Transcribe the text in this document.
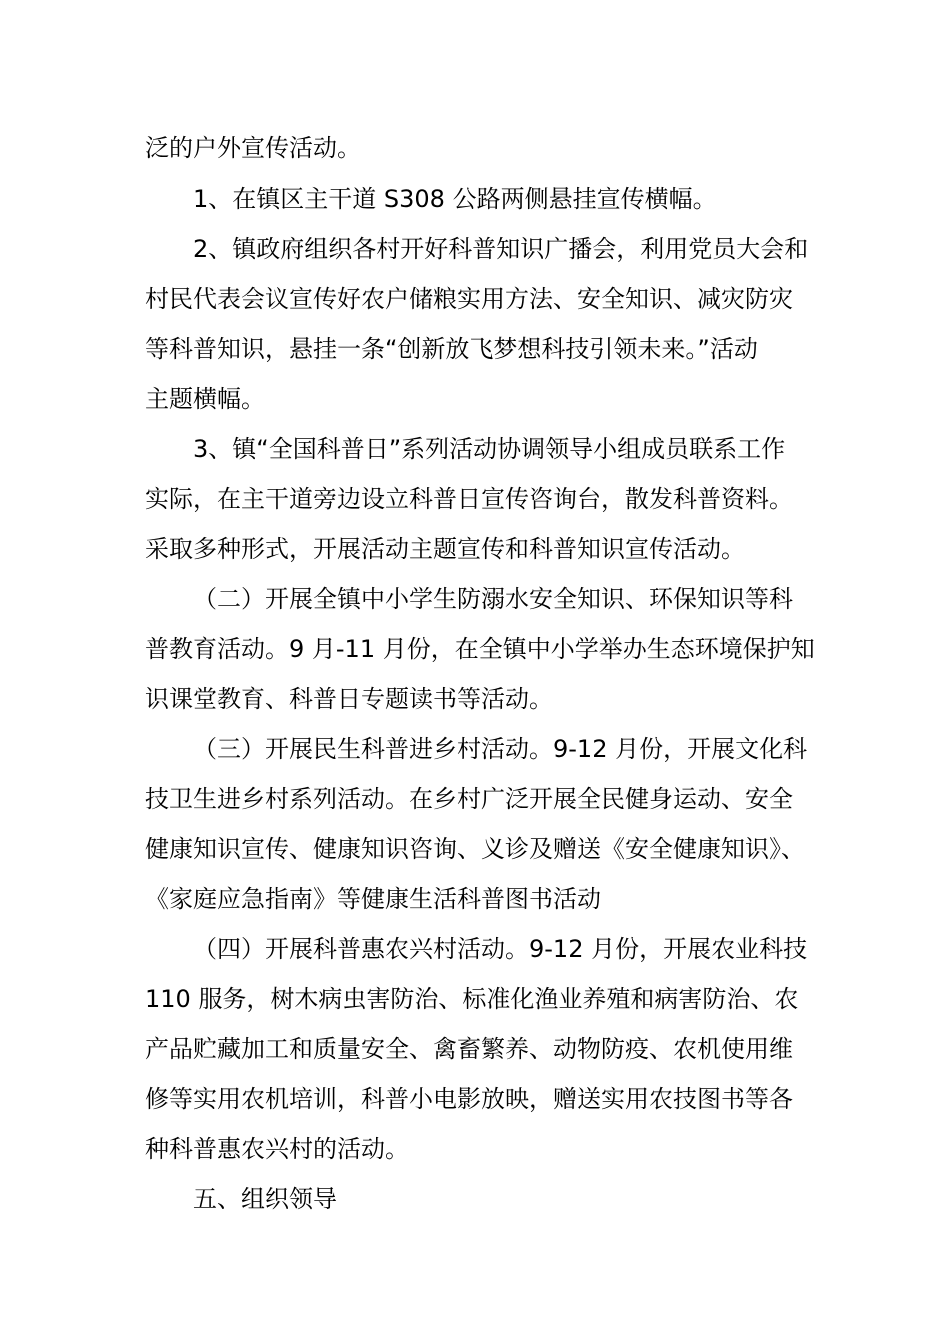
泛的户外宣传活动。

1、在镇区主干道 S308 公路两侧悬挂宣传横幅。

2、镇政府组织各村开好科普知识广播会，利用党员大会和

村民代表会议宣传好农户储粮实用方法、安全知识、减灾防灾

等科普知识，悬挂一条“创新放飞梦想科技引领未来。”活动

主题横幅。

3、镇“全国科普日”系列活动协调领导小组成员联系工作

实际，在主干道旁边设立科普日宣传咨询台，散发科普资料。

采取多种形式，开展活动主题宣传和科普知识宣传活动。

（二）开展全镇中小学生防溺水安全知识、环保知识等科

普教育活动。9 月-11 月份，在全镇中小学举办生态环境保护知

识课堂教育、科普日专题读书等活动。

（三）开展民生科普进乡村活动。9-12 月份，开展文化科

技卫生进乡村系列活动。在乡村广泛开展全民健身运动、安全

健康知识宣传、健康知识咨询、义诊及赠送《安全健康知识》、

《家庭应急指南》等健康生活科普图书活动

（四）开展科普惠农兴村活动。9-12 月份，开展农业科技

110 服务，树木病虫害防治、标准化渔业养殖和病害防治、农

产品贮藏加工和质量安全、禽畜繁养、动物防疫、农机使用维

修等实用农机培训，科普小电影放映，赠送实用农技图书等各

种科普惠农兴村的活动。

五、组织领导
